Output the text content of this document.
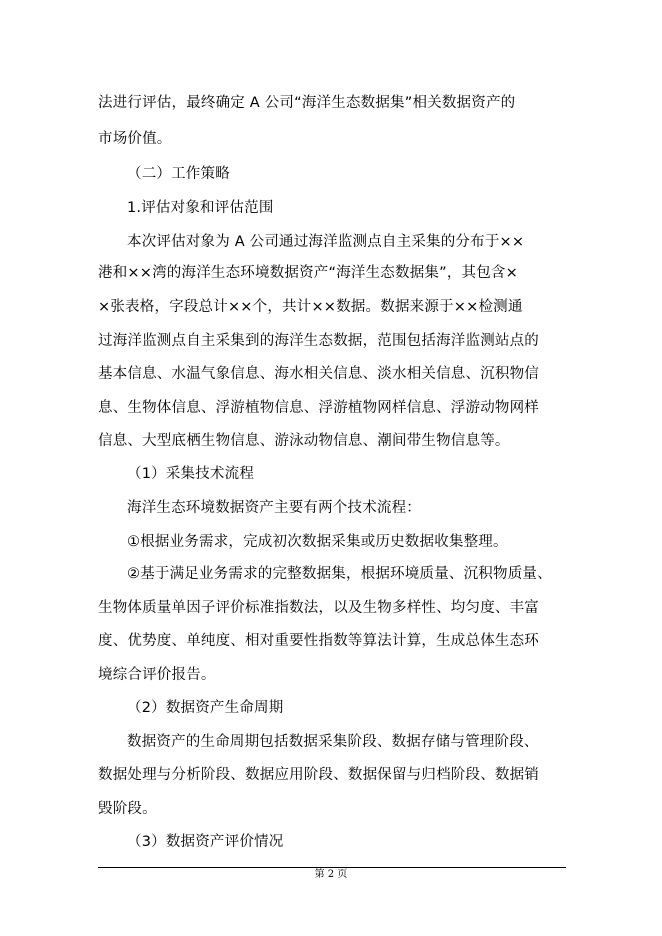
法进行评估，最终确定 A 公司“海洋生态数据集”相关数据资产的

市场价值。

（二）工作策略

1.评估对象和评估范围

本次评估对象为 A 公司通过海洋监测点自主采集的分布于××

港和××湾的海洋生态环境数据资产“海洋生态数据集”，其包含×

×张表格，字段总计××个，共计××数据。数据来源于××检测通

过海洋监测点自主采集到的海洋生态数据，范围包括海洋监测站点的

基本信息、水温气象信息、海水相关信息、淡水相关信息、沉积物信

息、生物体信息、浮游植物信息、浮游植物网样信息、浮游动物网样

信息、大型底栖生物信息、游泳动物信息、潮间带生物信息等。

（1）采集技术流程

海洋生态环境数据资产主要有两个技术流程：

①根据业务需求，完成初次数据采集或历史数据收集整理。

②基于满足业务需求的完整数据集，根据环境质量、沉积物质量、

生物体质量单因子评价标准指数法，以及生物多样性、均匀度、丰富

度、优势度、单纯度、相对重要性指数等算法计算，生成总体生态环

境综合评价报告。

（2）数据资产生命周期

数据资产的生命周期包括数据采集阶段、数据存储与管理阶段、

数据处理与分析阶段、数据应用阶段、数据保留与归档阶段、数据销

毁阶段。

（3）数据资产评价情况

第 2 页
